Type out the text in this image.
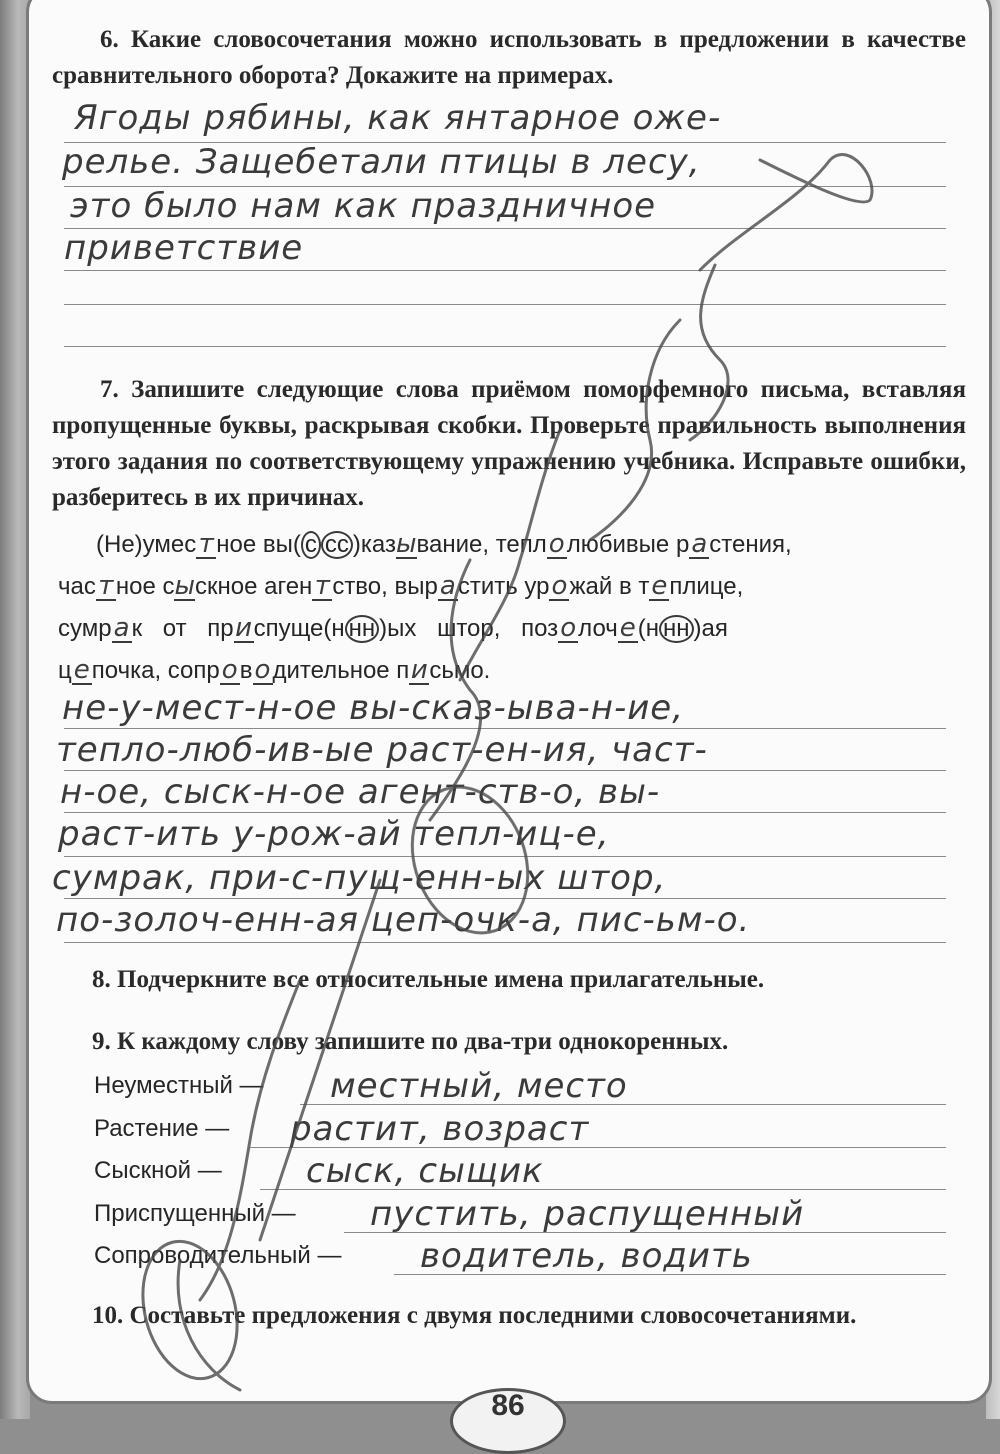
6. Какие словосочетания можно использовать в предложении в качестве сравнительного оборота? Докажите на примерах.
Ягоды рябины, как янтарное оже-
релье. Защебетали птицы в лесу,
это было нам как праздничное
приветствие
7. Запишите следующие слова приёмом поморфемного письма, вставляя пропущенные буквы, раскрывая скобки. Проверьте правильность выполнения этого задания по соответствующему упражнению учебника. Исправьте ошибки, разберитесь в их причинах.
(Не)умест ное вы( с сс )казывание, теплолюбивые растения,
част ное сыскное агент ство, вырастить урожай в теплице,
сумрак от приспуще(н нн )ых штор, позолоче(н нн )ая
цепочка, сопроводительное письмо.
не-у-мест-н-ое вы-сказ-ыва-н-ие,
тепло-люб-ив-ые раст-ен-ия, част-
н-ое, сыск-н-ое агент-ств-о, вы-
раст-ить у-рож-ай тепл-иц-е,
сумрак, при-с-пущ-енн-ых штор,
по-золоч-енн-ая цеп-очк-а, пис-ьм-о.
8. Подчеркните все относительные имена прилагательные.
9. К каждому слову запишите по два-три однокоренных.
Неуместный — местный, место
Растение — растит, возраст
Сыскной — сыск, сыщик
Приспущенный — пустить, распущенный
Сопроводительный — водитель, водить
10. Составьте предложения с двумя последними словосочетаниями.
86
